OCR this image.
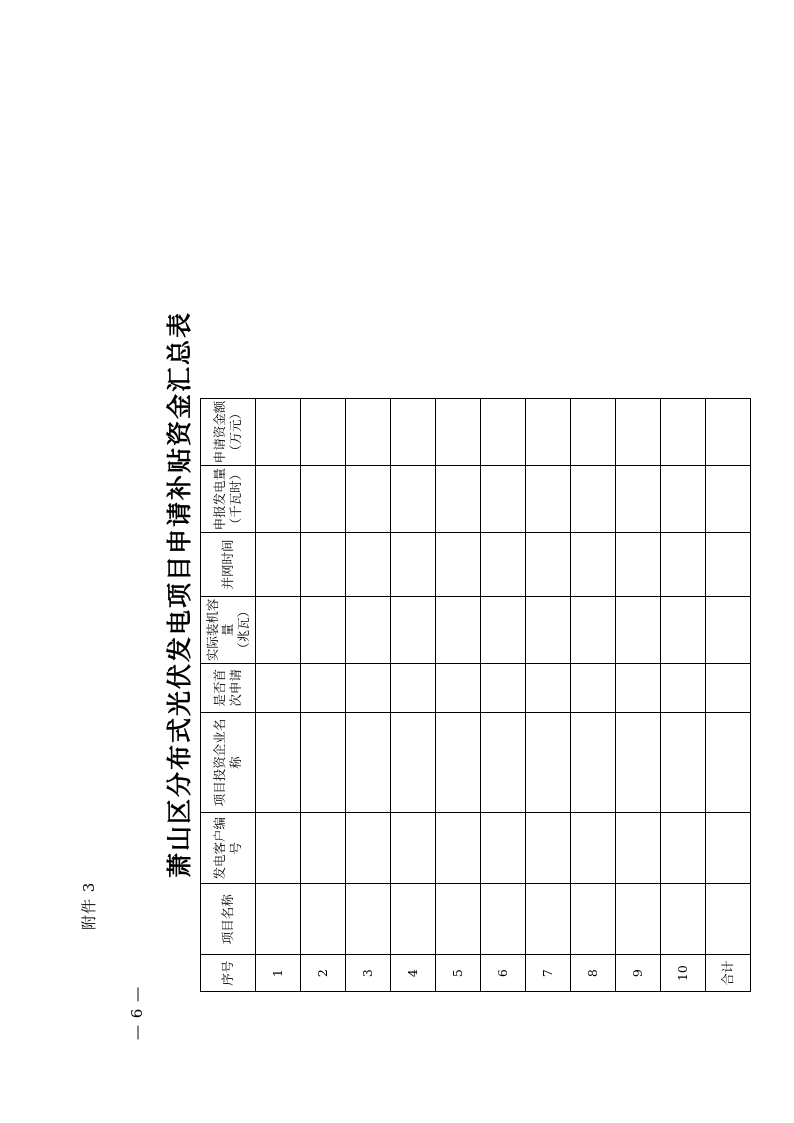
附件 3
萧山区分布式光伏发电项目申请补贴资金汇总表
— 6 —
序号	项目名称	发电客户编号	项目投资企业名称	是否首 次申请	实际装机容量 （兆瓦）	并网时间	申报发电量 （千瓦时）	申请资金额 （万元）

1								
2								
3								
4								
5								
6								
7								
8								
9								
10								
合计								
